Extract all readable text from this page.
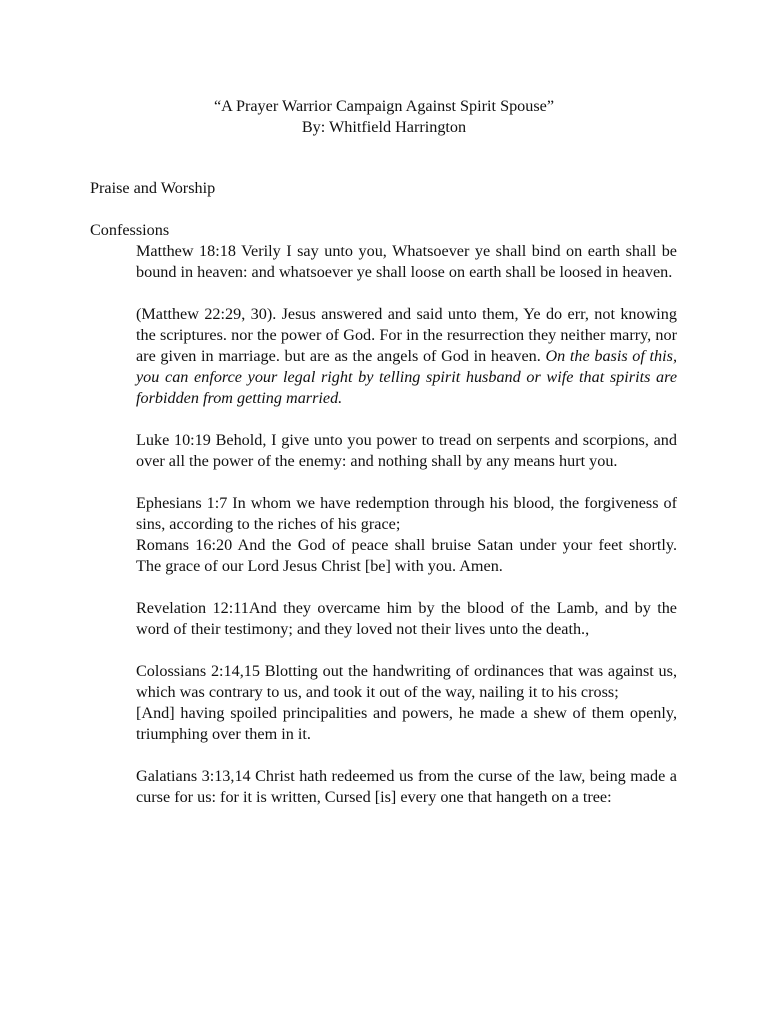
“A Prayer Warrior Campaign Against Spirit Spouse”
By: Whitfield Harrington

Praise and Worship

Confessions

Matthew 18:18 Verily I say unto you, Whatsoever ye shall bind on earth shall be bound in heaven: and whatsoever ye shall loose on earth shall be loosed in heaven.

(Matthew 22:29, 30). Jesus answered and said unto them, Ye do err, not knowing the scriptures. nor the power of God. For in the resurrection they neither marry, nor are given in marriage. but are as the angels of God in heaven. On the basis of this, you can enforce your legal right by telling spirit husband or wife that spirits are forbidden from getting married.

Luke 10:19 Behold, I give unto you power to tread on serpents and scorpions, and over all the power of the enemy: and nothing shall by any means hurt you.

Ephesians 1:7 In whom we have redemption through his blood, the forgiveness of sins, according to the riches of his grace;

Romans 16:20 And the God of peace shall bruise Satan under your feet shortly. The grace of our Lord Jesus Christ [be] with you. Amen.

Revelation 12:11And they overcame him by the blood of the Lamb, and by the word of their testimony; and they loved not their lives unto the death.,

Colossians 2:14,15 Blotting out the handwriting of ordinances that was against us, which was contrary to us, and took it out of the way, nailing it to his cross;

[And] having spoiled principalities and powers, he made a shew of them openly, triumphing over them in it.

Galatians 3:13,14 Christ hath redeemed us from the curse of the law, being made a curse for us: for it is written, Cursed [is] every one that hangeth on a tree:
